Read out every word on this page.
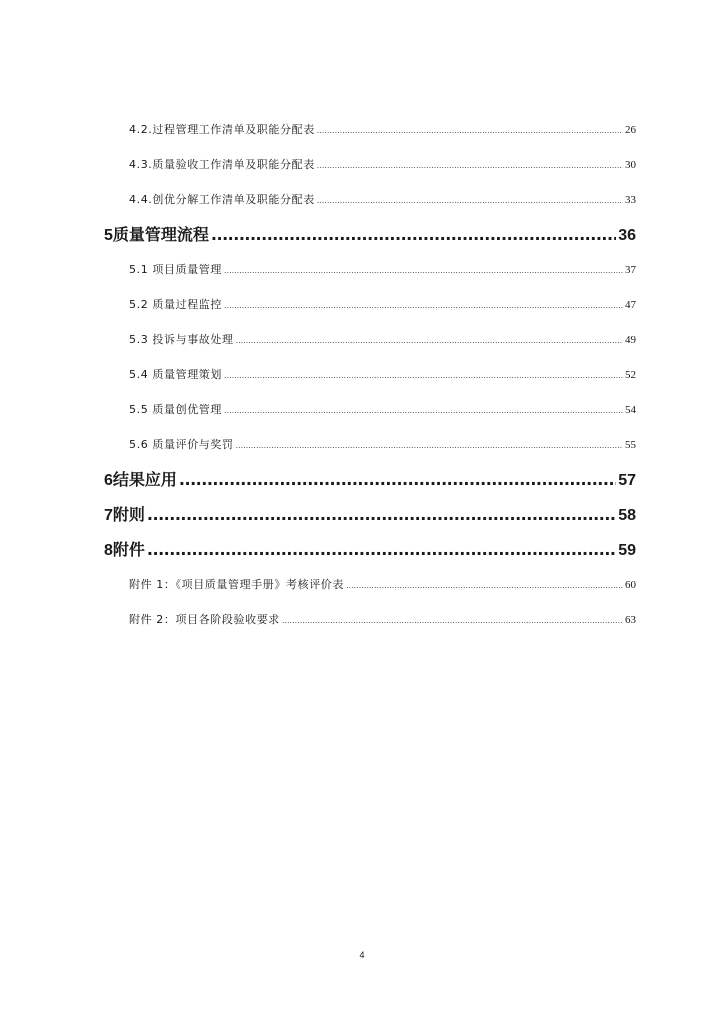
4.2.过程管理工作清单及职能分配表 .....	26
4.3.质量验收工作清单及职能分配表 .....	30
4.4.创优分解工作清单及职能分配表 .....	33
5 质量管理流程 .....	36
5.1 项目质量管理 .....	37
5.2 质量过程监控 .....	47
5.3 投诉与事故处理 .....	49
5.4 质量管理策划 .....	52
5.5 质量创优管理 .....	54
5.6 质量评价与奖罚 .....	55
6 结果应用 .....	57
7 附则 .....	58
8 附件 .....	59
附件 1：《项目质量管理手册》考核评价表 .....	60
附件 2：项目各阶段验收要求 .....	63
4
